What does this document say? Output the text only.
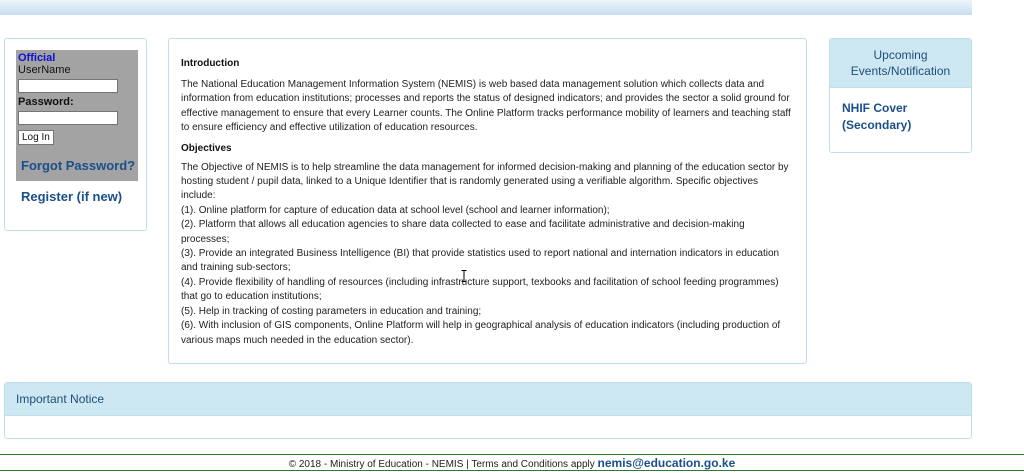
Official
UserName
Password:
Log In
Forgot Password?
Register (if new)
Introduction

The National Education Management Information System (NEMIS) is web based data management solution which collects data and information from education institutions; processes and reports the status of designed indicators; and provides the sector a solid ground for effective management to ensure that every Learner counts. The Online Platform tracks performance mobility of learners and teaching staff to ensure efficiency and effective utilization of education resources.

Objectives

The Objective of NEMIS is to help streamline the data management for informed decision-making and planning of the education sector by hosting student / pupil data, linked to a Unique Identifier that is randomly generated using a verifiable algorithm. Specific objectives include:

(1). Online platform for capture of education data at school level (school and learner information);

(2). Platform that allows all education agencies to share data collected to ease and facilitate administrative and decision-making processes;

(3). Provide an integrated Business Intelligence (BI) that provide statistics used to report national and internation indicators in education and training sub-sectors;

(4). Provide flexibility of handling of resources (including infrastructure support, texbooks and facilitation of school feeding programmes) that go to education institutions;

(5). Help in tracking of costing parameters in education and training;

(6). With inclusion of GIS components, Online Platform will help in geographical analysis of education indicators (including production of various maps much needed in the education sector).

Upcoming Events/Notification
NHIF Cover (Secondary)
Important Notice
© 2018 - Ministry of Education - NEMIS | Terms and Conditions apply nemis@education.go.ke
